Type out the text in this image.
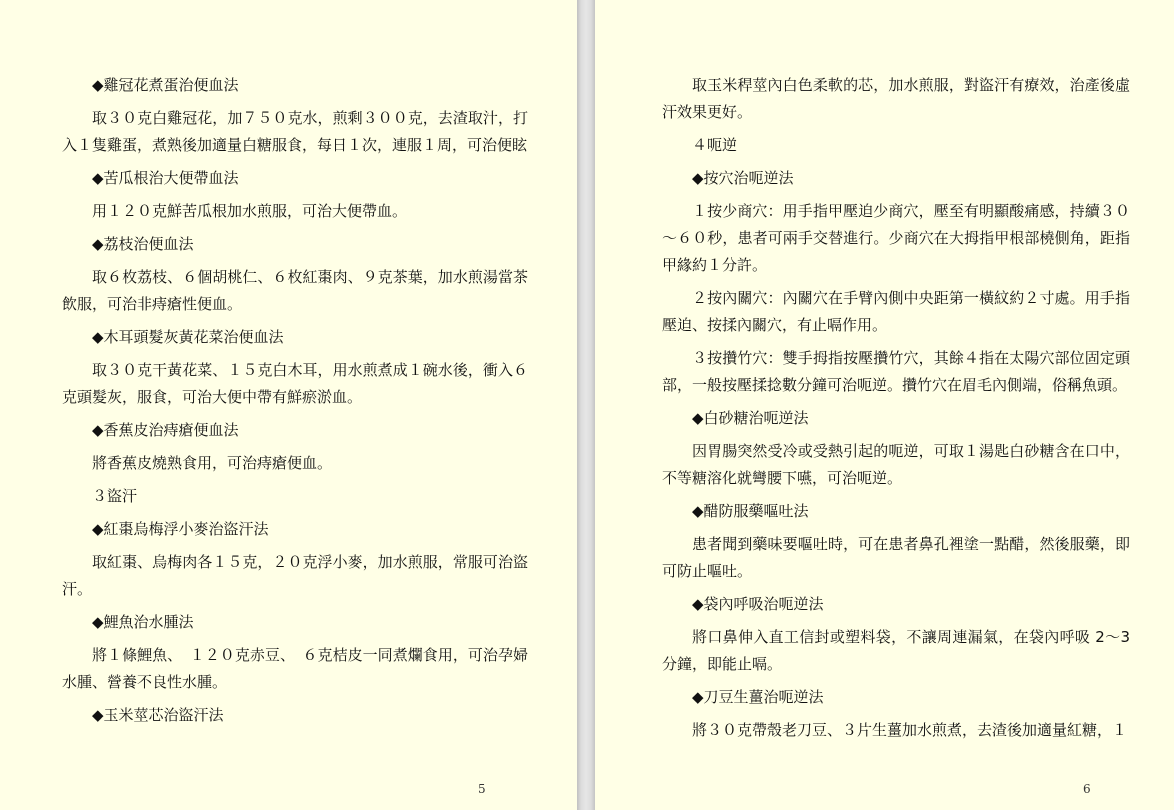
◆雞冠花煮蛋治便血法

取３０克白雞冠花，加７５０克水，煎剩３００克，去渣取汁，打入１隻雞蛋，煮熟後加適量白糖服食，每日１次，連服１周，可治便眩

◆苦瓜根治大便帶血法

用１２０克鮮苦瓜根加水煎服，可治大便帶血。

◆荔枝治便血法

取６枚荔枝、６個胡桃仁、６枚紅棗肉、９克茶葉，加水煎湯當茶飲服，可治非痔瘡性便血。

◆木耳頭髮灰黃花菜治便血法

取３０克干黃花菜、１５克白木耳，用水煎煮成１碗水後，衝入６克頭髮灰，服食，可治大便中帶有鮮瘀淤血。

◆香蕉皮治痔瘡便血法

將香蕉皮燒熟食用，可治痔瘡便血。

３盜汗

◆紅棗烏梅浮小麥治盜汗法

取紅棗、烏梅肉各１５克，２０克浮小麥，加水煎服，常服可治盜汗。

◆鯉魚治水腫法

將１條鯉魚、　１２０克赤豆、　６克桔皮一同煮爛食用，可治孕婦水腫、營養不良性水腫。

◆玉米莖芯治盜汗法

5

取玉米稈莖內白色柔軟的芯，加水煎服，對盜汗有療效，治產後虛汗效果更好。

４呃逆

◆按穴治呃逆法

１按少商穴：用手指甲壓迫少商穴，壓至有明顯酸痛感，持續３０～６０秒，患者可兩手交替進行。少商穴在大拇指甲根部橈側角，距指甲緣約１分許。

２按內關穴：內關穴在手臂內側中央距第一橫紋約２寸處。用手指壓迫、按揉內關穴，有止嗝作用。

３按攢竹穴：雙手拇指按壓攢竹穴，其餘４指在太陽穴部位固定頭部，一般按壓揉捻數分鐘可治呃逆。攢竹穴在眉毛內側端，俗稱魚頭。

◆白砂糖治呃逆法

因胃腸突然受冷或受熱引起的呃逆，可取１湯匙白砂糖含在口中，不等糖溶化就彎腰下嚥，可治呃逆。

◆醋防服藥嘔吐法

患者聞到藥味要嘔吐時，可在患者鼻孔裡塗一點醋，然後服藥，即可防止嘔吐。

◆袋內呼吸治呃逆法

將口鼻伸入直工信封或塑料袋，不讓周連漏氣，在袋內呼吸 2～3 分鐘，即能止嗝。

◆刀豆生薑治呃逆法

將３０克帶殼老刀豆、３片生薑加水煎煮，去渣後加適量紅糖，１

6
